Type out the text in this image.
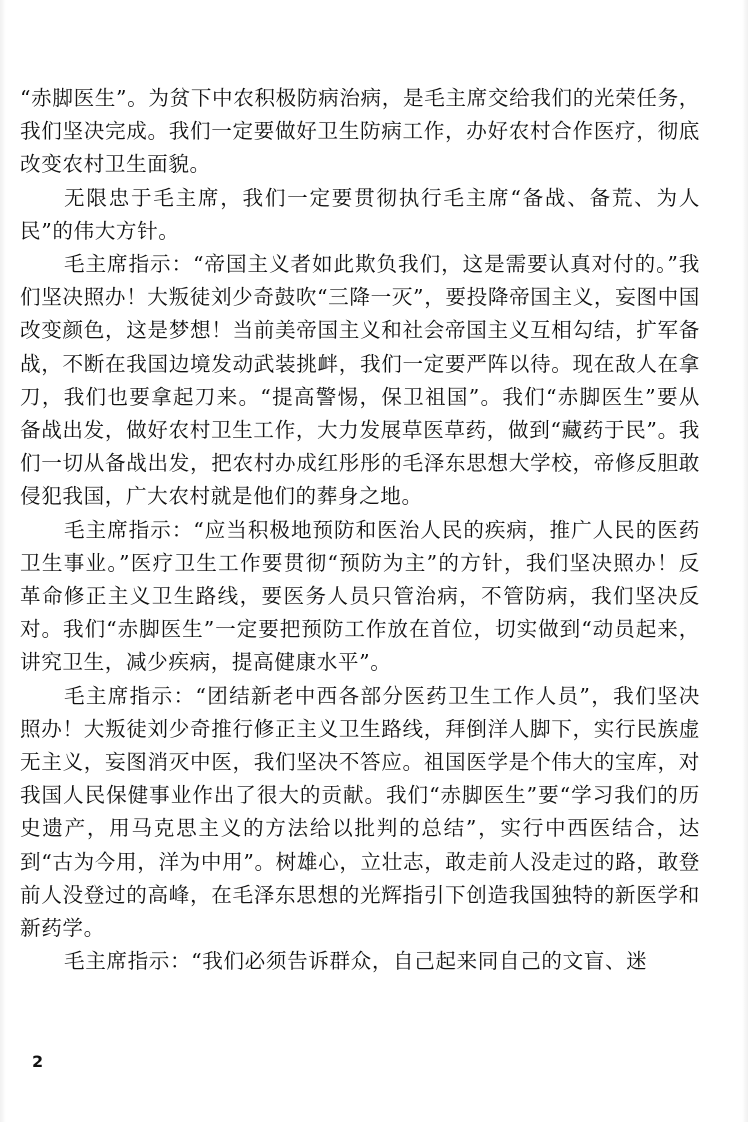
“赤脚医生”。为贫下中农积极防病治病，是毛主席交给我们的光荣任务，我们坚决完成。我们一定要做好卫生防病工作，办好农村合作医疗，彻底改变农村卫生面貌。

无限忠于毛主席，我们一定要贯彻执行毛主席“备战、备荒、为人民”的伟大方针。

毛主席指示：“帝国主义者如此欺负我们，这是需要认真对付的。”我们坚决照办！大叛徒刘少奇鼓吹“三降一灭”，要投降帝国主义，妄图中国改变颜色，这是梦想！当前美帝国主义和社会帝国主义互相勾结，扩军备战，不断在我国边境发动武装挑衅，我们一定要严阵以待。现在敌人在拿刀，我们也要拿起刀来。“提高警惕，保卫祖国”。我们“赤脚医生”要从备战出发，做好农村卫生工作，大力发展草医草药，做到“藏药于民”。我们一切从备战出发，把农村办成红彤彤的毛泽东思想大学校，帝修反胆敢侵犯我国，广大农村就是他们的葬身之地。

毛主席指示：“应当积极地预防和医治人民的疾病，推广人民的医药卫生事业。”医疗卫生工作要贯彻“预防为主”的方针，我们坚决照办！反革命修正主义卫生路线，要医务人员只管治病，不管防病，我们坚决反对。我们“赤脚医生”一定要把预防工作放在首位，切实做到“动员起来，讲究卫生，减少疾病，提高健康水平”。

毛主席指示：“团结新老中西各部分医药卫生工作人员”，我们坚决照办！大叛徒刘少奇推行修正主义卫生路线，拜倒洋人脚下，实行民族虚无主义，妄图消灭中医，我们坚决不答应。祖国医学是个伟大的宝库，对我国人民保健事业作出了很大的贡献。我们“赤脚医生”要“学习我们的历史遗产，用马克思主义的方法给以批判的总结”，实行中西医结合，达到“古为今用，洋为中用”。树雄心，立壮志，敢走前人没走过的路，敢登前人没登过的高峰，在毛泽东思想的光辉指引下创造我国独特的新医学和新药学。

毛主席指示：“我们必须告诉群众，自己起来同自己的文盲、迷

2
